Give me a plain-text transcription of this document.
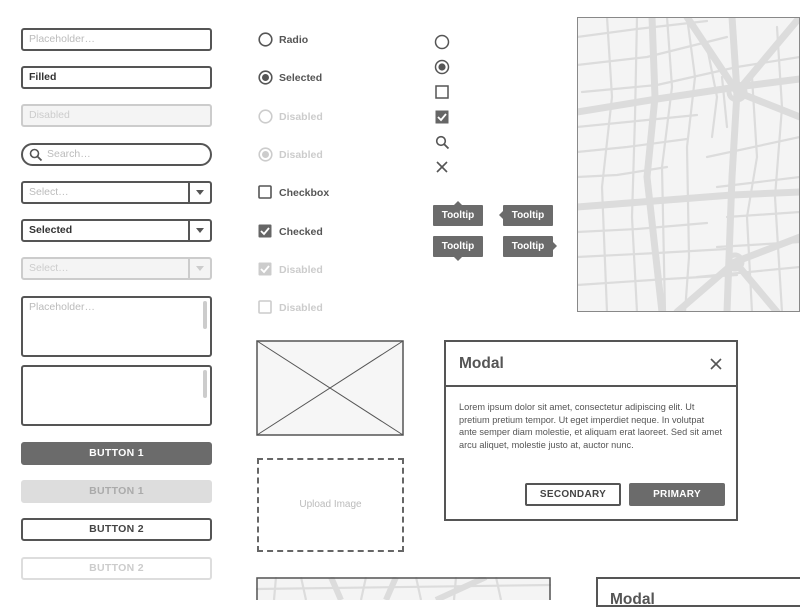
Placeholder…
Filled
Disabled
Search…
Select…
Selected
Select…
Placeholder…
BUTTON 1
BUTTON 1
BUTTON 2
BUTTON 2
Radio
Selected
Disabled
Disabled
Checkbox
Checked
Disabled
Disabled
Tooltip	Tooltip
Tooltip	Tooltip
Upload Image
Modal
Lorem ipsum dolor sit amet, consectetur adipiscing elit. Ut pretium pretium tempor. Ut eget imperdiet neque. In volutpat ante semper diam molestie, et aliquam erat laoreet. Sed sit amet arcu aliquet, molestie justo at, auctor nunc.
SECONDARY	PRIMARY
Modal
